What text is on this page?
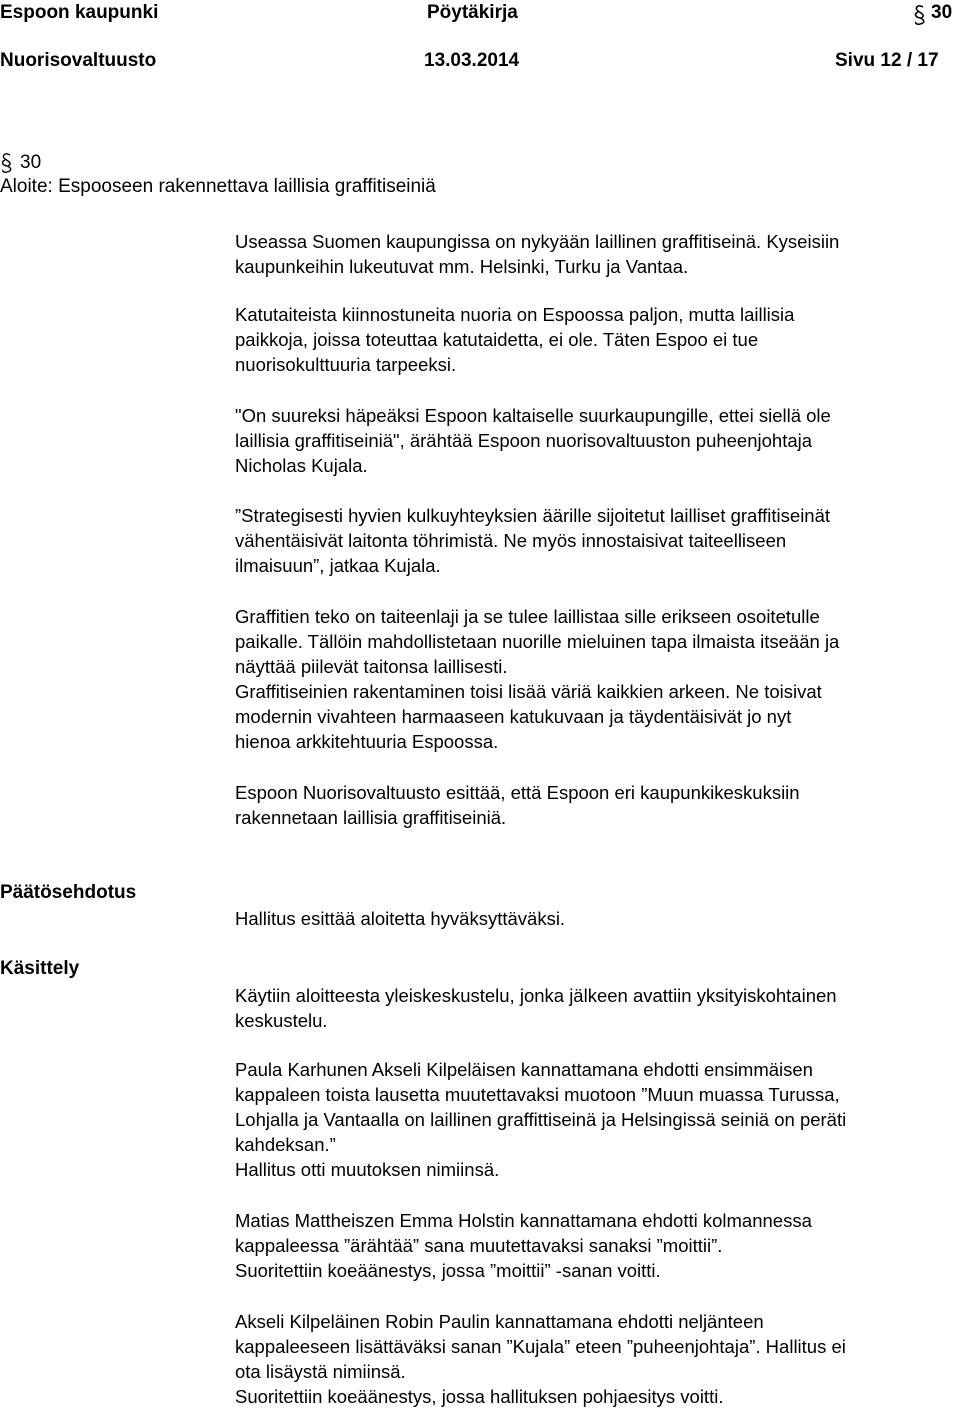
Espoon kaupunki	Pöytäkirja	30
Nuorisovaltuusto	13.03.2014	Sivu 12 / 17
30
Aloite: Espooseen rakennettava laillisia graffitiseiniä

Useassa Suomen kaupungissa on nykyään laillinen graffitiseinä. Kyseisiin

kaupunkeihin lukeutuvat mm. Helsinki, Turku ja Vantaa.

Katutaiteista kiinnostuneita nuoria on Espoossa paljon, mutta laillisia

paikkoja, joissa toteuttaa katutaidetta, ei ole. Täten Espoo ei tue

nuorisokulttuuria tarpeeksi.

"On suureksi häpeäksi Espoon kaltaiselle suurkaupungille, ettei siellä ole

laillisia graffitiseiniä", ärähtää Espoon nuorisovaltuuston puheenjohtaja

Nicholas Kujala.

”Strategisesti hyvien kulkuyhteyksien äärille sijoitetut lailliset graffitiseinät

vähentäisivät laitonta töhrimistä. Ne myös innostaisivat taiteelliseen

ilmaisuun”, jatkaa Kujala.

Graffitien teko on taiteenlaji ja se tulee laillistaa sille erikseen osoitetulle

paikalle. Tällöin mahdollistetaan nuorille mieluinen tapa ilmaista itseään ja

näyttää piilevät taitonsa laillisesti.

Graffitiseinien rakentaminen toisi lisää väriä kaikkien arkeen. Ne toisivat

modernin vivahteen harmaaseen katukuvaan ja täydentäisivät jo nyt

hienoa arkkitehtuuria Espoossa.

Espoon Nuorisovaltuusto esittää, että Espoon eri kaupunkikeskuksiin

rakennetaan laillisia graffitiseiniä.

Päätösehdotus

Hallitus esittää aloitetta hyväksyttäväksi.

Käsittely

Käytiin aloitteesta yleiskeskustelu, jonka jälkeen avattiin yksityiskohtainen

keskustelu.

Paula Karhunen Akseli Kilpeläisen kannattamana ehdotti ensimmäisen

kappaleen toista lausetta muutettavaksi muotoon ”Muun muassa Turussa,

Lohjalla ja Vantaalla on laillinen graffittiseinä ja Helsingissä seiniä on peräti

kahdeksan.”

Hallitus otti muutoksen nimiinsä.

Matias Mattheiszen Emma Holstin kannattamana ehdotti kolmannessa

kappaleessa ”ärähtää” sana muutettavaksi sanaksi ”moittii”.

Suoritettiin koeäänestys, jossa ”moittii” -sanan voitti.

Akseli Kilpeläinen Robin Paulin kannattamana ehdotti neljänteen

kappaleeseen lisättäväksi sanan ”Kujala” eteen ”puheenjohtaja”. Hallitus ei

ota lisäystä nimiinsä.

Suoritettiin koeäänestys, jossa hallituksen pohjaesitys voitti.
